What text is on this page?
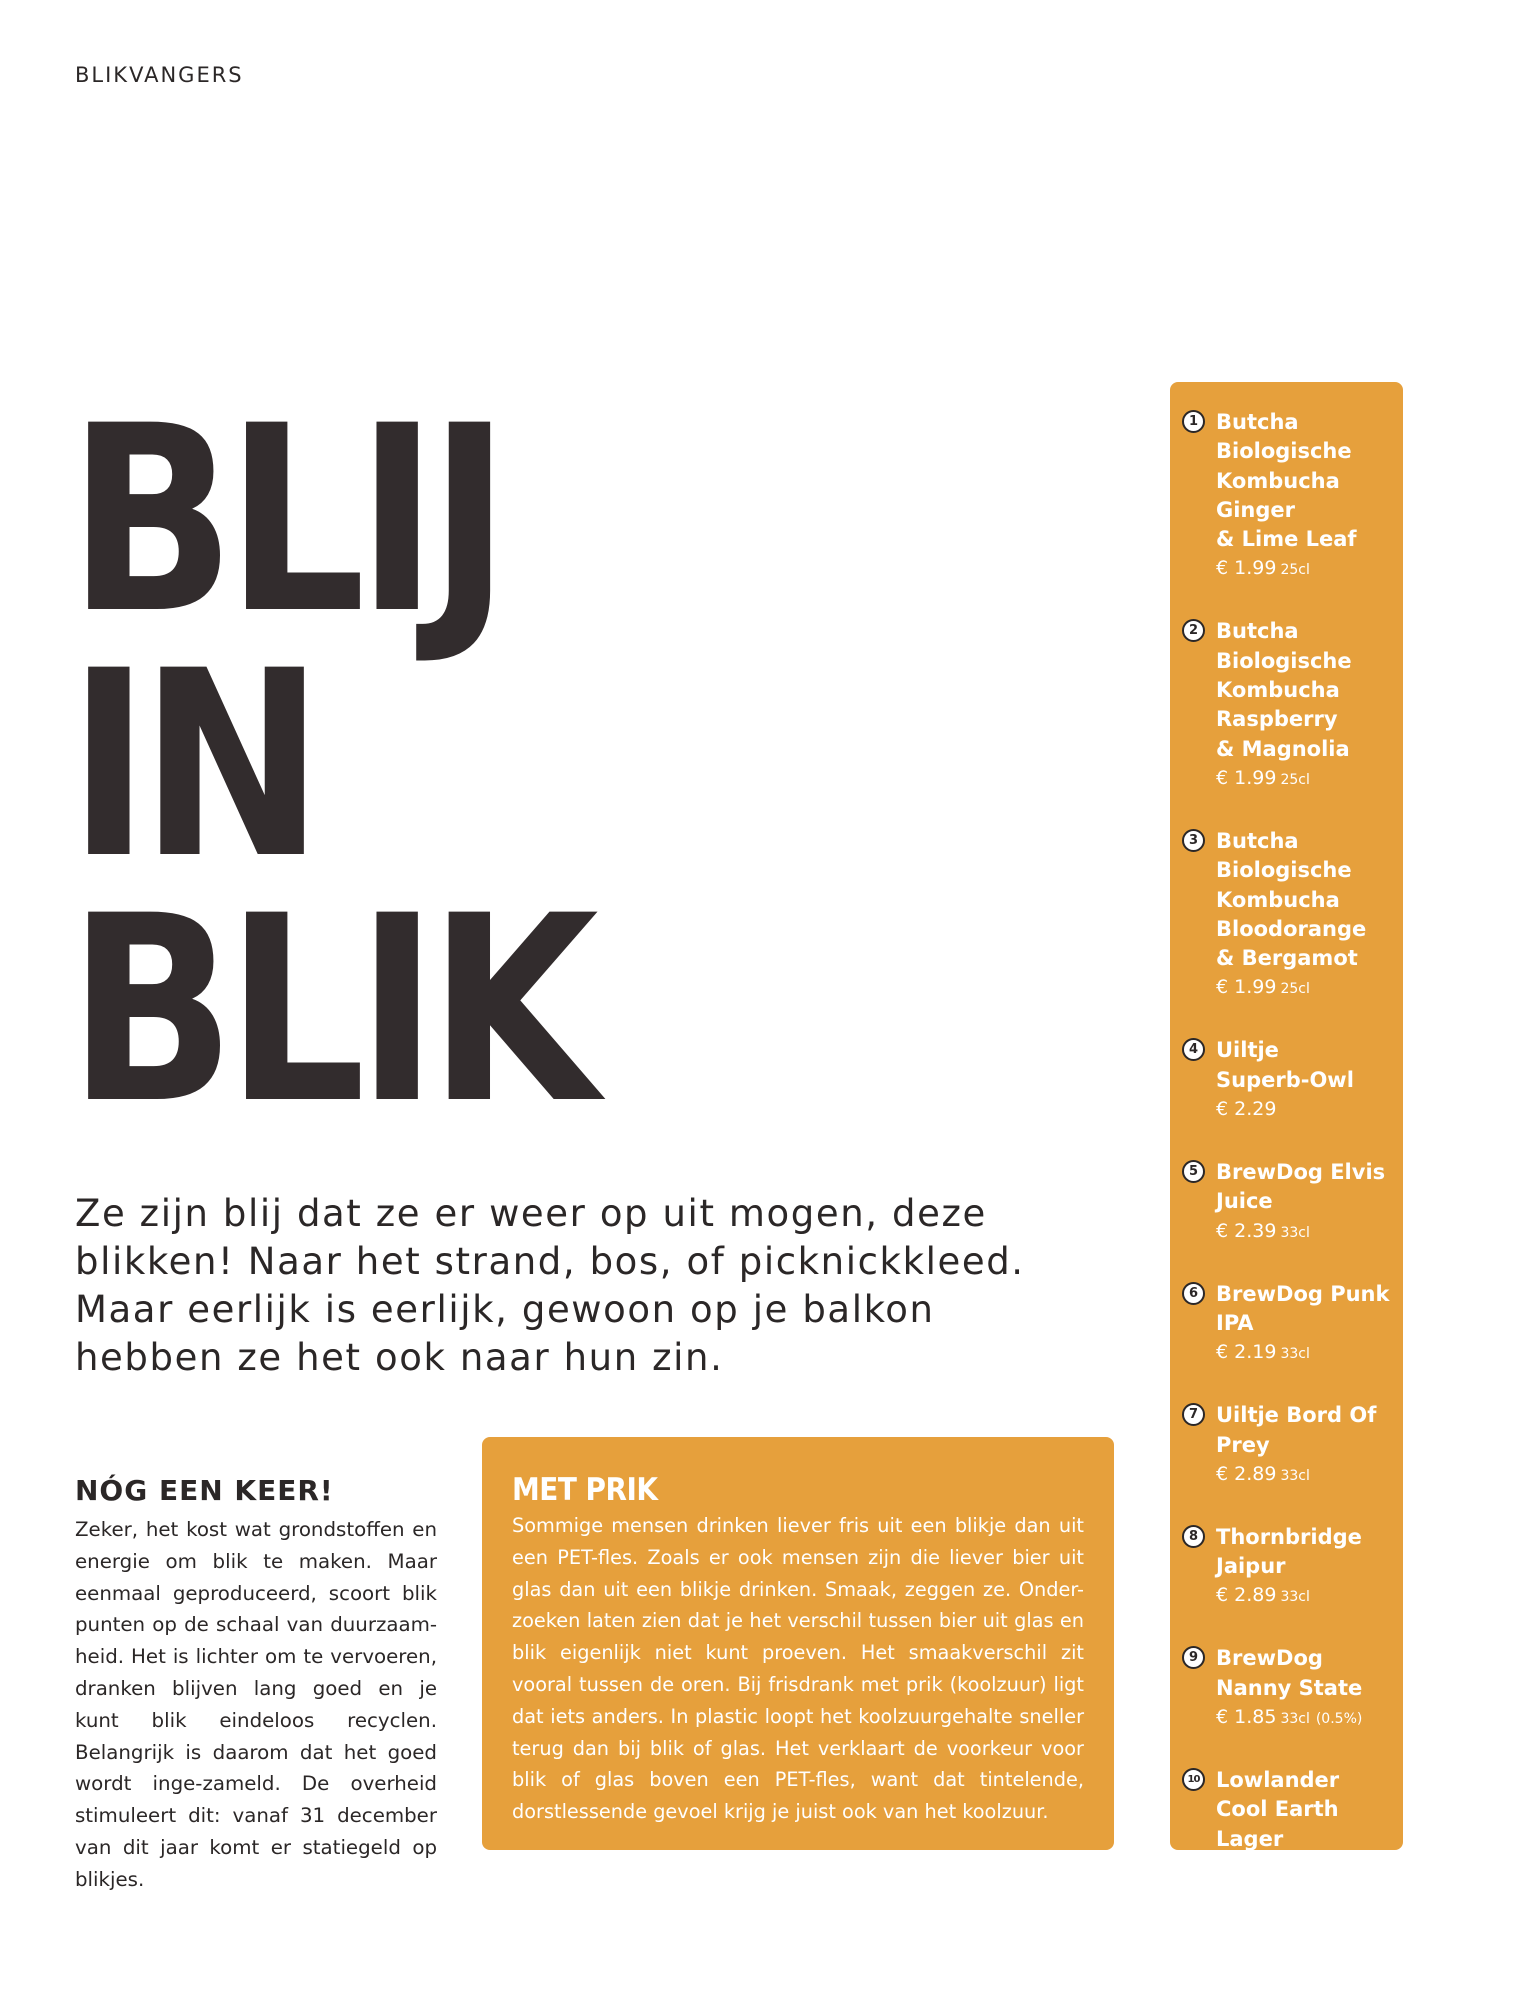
BLIKVANGERS
BLIJ
IN
BLIK

Ze zijn blij dat ze er weer op uit mogen, deze blikken! Naar het strand, bos, of picknickkleed. Maar eerlijk is eerlijk, gewoon op je balkon hebben ze het ook naar hun zin.

NÓG EEN KEER!

Zeker, het kost wat grondstoffen en energie om blik te maken. Maar eenmaal geproduceerd, scoort blik punten op de schaal van duurzaam-heid. Het is lichter om te vervoeren, dranken blijven lang goed en je kunt blik eindeloos recyclen. Belangrijk is daarom dat het goed wordt inge-zameld. De overheid stimuleert dit: vanaf 31 december van dit jaar komt er statiegeld op blikjes.

MET PRIK

Sommige mensen drinken liever fris uit een blikje dan uit een PET-fles. Zoals er ook mensen zijn die liever bier uit glas dan uit een blikje drinken. Smaak, zeggen ze. Onder-zoeken laten zien dat je het verschil tussen bier uit glas en blik eigenlijk niet kunt proeven. Het smaakverschil zit vooral tussen de oren. Bij frisdrank met prik (koolzuur) ligt dat iets anders. In plastic loopt het koolzuurgehalte sneller terug dan bij blik of glas. Het verklaart de voorkeur voor blik of glas boven een PET-fles, want dat tintelende, dorstlessende gevoel krijg je juist ook van het koolzuur.

1 Butcha
Biologische
Kombucha
Ginger
& Lime Leaf
€ 1.99 25cl
2 Butcha
Biologische
Kombucha
Raspberry
& Magnolia
€ 1.99 25cl
3 Butcha
Biologische
Kombucha
Bloodorange
& Bergamot
€ 1.99 25cl
4 Uiltje
Superb-Owl
€ 2.29
5 BrewDog Elvis
Juice
€ 2.39 33cl
6 BrewDog Punk
IPA
€ 2.19 33cl
7 Uiltje Bord Of
Prey
€ 2.89 33cl
8 Thornbridge
Jaipur
€ 2.89 33cl
9 BrewDog
Nanny State
€ 1.85 33cl (0.5%)
10 Lowlander
Cool Earth
Lager
€ 1.79 33cl (0.3%)
